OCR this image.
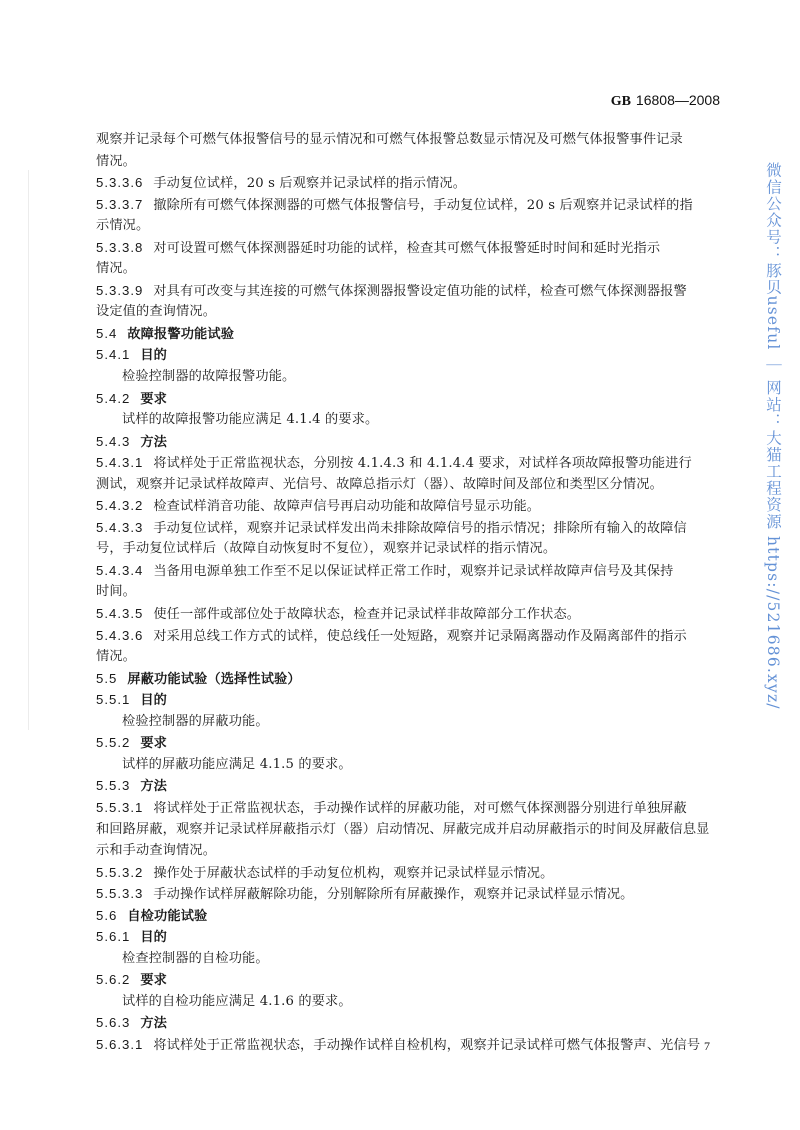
GB 16808—2008
观察并记录每个可燃气体报警信号的显示情况和可燃气体报警总数显示情况及可燃气体报警事件记录
情况。
5.3.3.6 手动复位试样，20 s 后观察并记录试样的指示情况。
5.3.3.7 撤除所有可燃气体探测器的可燃气体报警信号，手动复位试样，20 s 后观察并记录试样的指
示情况。
5.3.3.8 对可设置可燃气体探测器延时功能的试样，检查其可燃气体报警延时时间和延时光指示
情况。
5.3.3.9 对具有可改变与其连接的可燃气体探测器报警设定值功能的试样，检查可燃气体探测器报警
设定值的查询情况。
5.4 故障报警功能试验
5.4.1 目的
检验控制器的故障报警功能。
5.4.2 要求
试样的故障报警功能应满足 4.1.4 的要求。
5.4.3 方法
5.4.3.1 将试样处于正常监视状态，分别按 4.1.4.3 和 4.1.4.4 要求，对试样各项故障报警功能进行
测试，观察并记录试样故障声、光信号、故障总指示灯（器）、故障时间及部位和类型区分情况。
5.4.3.2 检查试样消音功能、故障声信号再启动功能和故障信号显示功能。
5.4.3.3 手动复位试样，观察并记录试样发出尚未排除故障信号的指示情况；排除所有输入的故障信
号，手动复位试样后（故障自动恢复时不复位），观察并记录试样的指示情况。
5.4.3.4 当备用电源单独工作至不足以保证试样正常工作时，观察并记录试样故障声信号及其保持
时间。
5.4.3.5 使任一部件或部位处于故障状态，检查并记录试样非故障部分工作状态。
5.4.3.6 对采用总线工作方式的试样，使总线任一处短路，观察并记录隔离器动作及隔离部件的指示
情况。
5.5 屏蔽功能试验（选择性试验）
5.5.1 目的
检验控制器的屏蔽功能。
5.5.2 要求
试样的屏蔽功能应满足 4.1.5 的要求。
5.5.3 方法
5.5.3.1 将试样处于正常监视状态，手动操作试样的屏蔽功能，对可燃气体探测器分别进行单独屏蔽
和回路屏蔽，观察并记录试样屏蔽指示灯（器）启动情况、屏蔽完成并启动屏蔽指示的时间及屏蔽信息显
示和手动查询情况。
5.5.3.2 操作处于屏蔽状态试样的手动复位机构，观察并记录试样显示情况。
5.5.3.3 手动操作试样屏蔽解除功能，分别解除所有屏蔽操作，观察并记录试样显示情况。
5.6 自检功能试验
5.6.1 目的
检查控制器的自检功能。
5.6.2 要求
试样的自检功能应满足 4.1.6 的要求。
5.6.3 方法
5.6.3.1 将试样处于正常监视状态，手动操作试样自检机构，观察并记录试样可燃气体报警声、光信号 7
微信公众号：豚贝useful ｜ 网站：大猫工程资源 https://521686.xyz/
